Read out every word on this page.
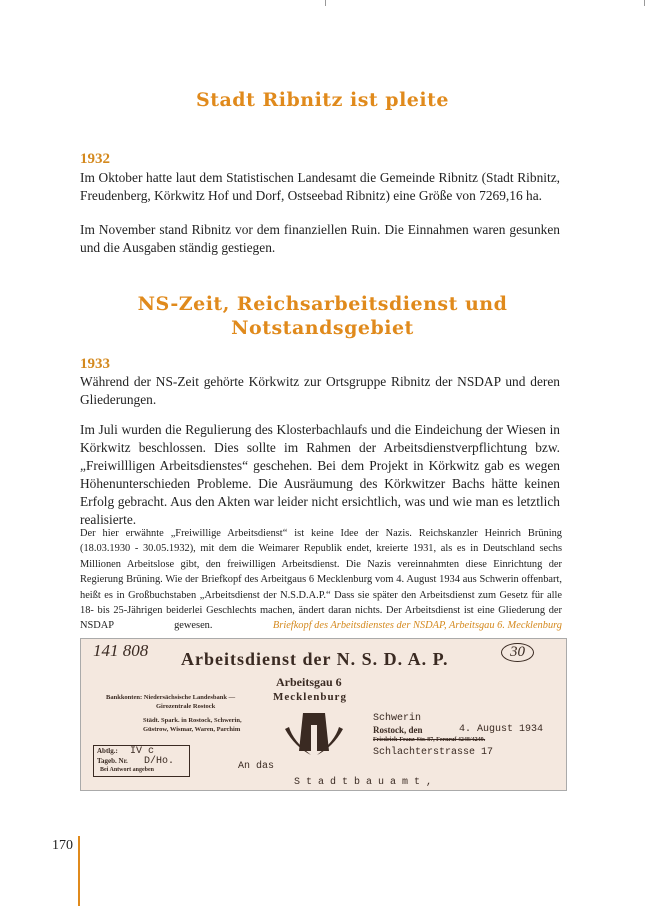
Stadt Ribnitz ist pleite
1932
Im Oktober hatte laut dem Statistischen Landesamt die Gemeinde Ribnitz (Stadt Ribnitz, Freudenberg, Körkwitz Hof und Dorf, Ostseebad Ribnitz) eine Größe von 7269,16 ha.
Im November stand Ribnitz vor dem finanziellen Ruin. Die Einnahmen waren gesunken und die Ausgaben ständig gestiegen.
NS-Zeit, Reichsarbeitsdienst und
Notstandsgebiet
1933
Während der NS-Zeit gehörte Körkwitz zur Ortsgruppe Ribnitz der NSDAP und deren Gliederungen.
Im Juli wurden die Regulierung des Klosterbachlaufs und die Eindeichung der Wiesen in Körkwitz beschlossen. Dies sollte im Rahmen der Arbeitsdienstverpflichtung bzw. „Freiwillligen Arbeitsdienstes“ geschehen. Bei dem Projekt in Körkwitz gab es wegen Höhenunterschieden Probleme. Die Ausräumung des Körkwitzer Bachs hätte keinen Erfolg gebracht. Aus den Akten war leider nicht ersichtlich, was und wie man es letztlich realisierte.
Der hier erwähnte „Freiwillige Arbeitsdienst“ ist keine Idee der Nazis. Reichskanzler Heinrich Brüning (18.03.1930 - 30.05.1932), mit dem die Weimarer Republik endet, kreierte 1931, als es in Deutschland sechs Millionen Arbeitslose gibt, den freiwilligen Arbeitsdienst. Die Nazis vereinnahmten diese Einrichtung der Regierung Brüning. Wie der Briefkopf des Arbeitgaus 6 Mecklenburg vom 4. August 1934 aus Schwerin offenbart, heißt es in Großbuchstaben „Arbeitsdienst der N.S.D.A.P.“ Dass sie später den Arbeitsdienst zum Gesetz für alle 18- bis 25-Jährigen beiderlei Geschlechts machen, ändert daran nichts. Der Arbeitsdienst ist eine Gliederung der NSDAP gewesen.	Briefkopf des Arbeitsdienstes der NSDAP, Arbeitsgau 6. Mecklenburg
141 808	30
Arbeitsdienst der N. S. D. A. P.
Arbeitsgau 6
Mecklenburg
Bankkonten: Niedersächsische Landesbank —
Girozentrale Rostock
Städt. Spark. in Rostock, Schwerin,
Güstrow, Wismar, Waren, Parchim
Schwerin
Rostock, den	4. August 1934
Friedrich-Franz-Str. 87, Fernruf 4248/4249.
Schlachterstrasse 17
Abtlg.: IV c
Tageb. Nr. D/Ho.
Bei Antwort angeben	An das
S t a d t b a u a m t ,
170
